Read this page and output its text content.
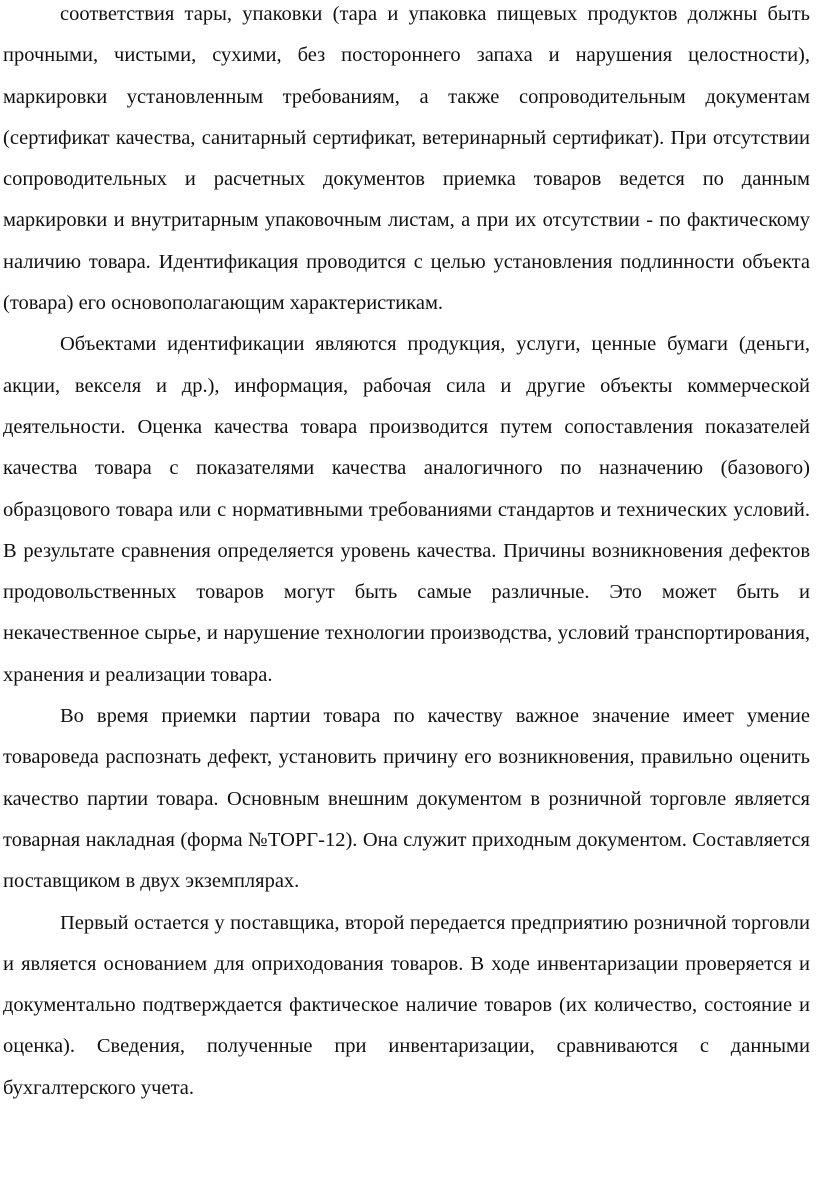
соответствия тары, упаковки (тара и упаковка пищевых продуктов должны быть прочными, чистыми, сухими, без постороннего запаха и нарушения целостности), маркировки установленным требованиям, а также сопроводительным документам (сертификат качества, санитарный сертификат, ветеринарный сертификат). При отсутствии сопроводительных и расчетных документов приемка товаров ведется по данным маркировки и внутритарным упаковочным листам, а при их отсутствии - по фактическому наличию товара. Идентификация проводится с целью установления подлинности объекта (товара) его основополагающим характеристикам.

Объектами идентификации являются продукция, услуги, ценные бумаги (деньги, акции, векселя и др.), информация, рабочая сила и другие объекты коммерческой деятельности. Оценка качества товара производится путем сопоставления показателей качества товара с показателями качества аналогичного по назначению (базового) образцового товара или с нормативными требованиями стандартов и технических условий. В результате сравнения определяется уровень качества. Причины возникновения дефектов продовольственных товаров могут быть самые различные. Это может быть и некачественное сырье, и нарушение технологии производства, условий транспортирования, хранения и реализации товара.

Во время приемки партии товара по качеству важное значение имеет умение товароведа распознать дефект, установить причину его возникновения, правильно оценить качество партии товара. Основным внешним документом в розничной торговле является товарная накладная (форма №ТОРГ-12). Она служит приходным документом. Составляется поставщиком в двух экземплярах.

Первый остается у поставщика, второй передается предприятию розничной торговли и является основанием для оприходования товаров. В ходе инвентаризации проверяется и документально подтверждается фактическое наличие товаров (их количество, состояние и оценка). Сведения, полученные при инвентаризации, сравниваются с данными бухгалтерского учета.
